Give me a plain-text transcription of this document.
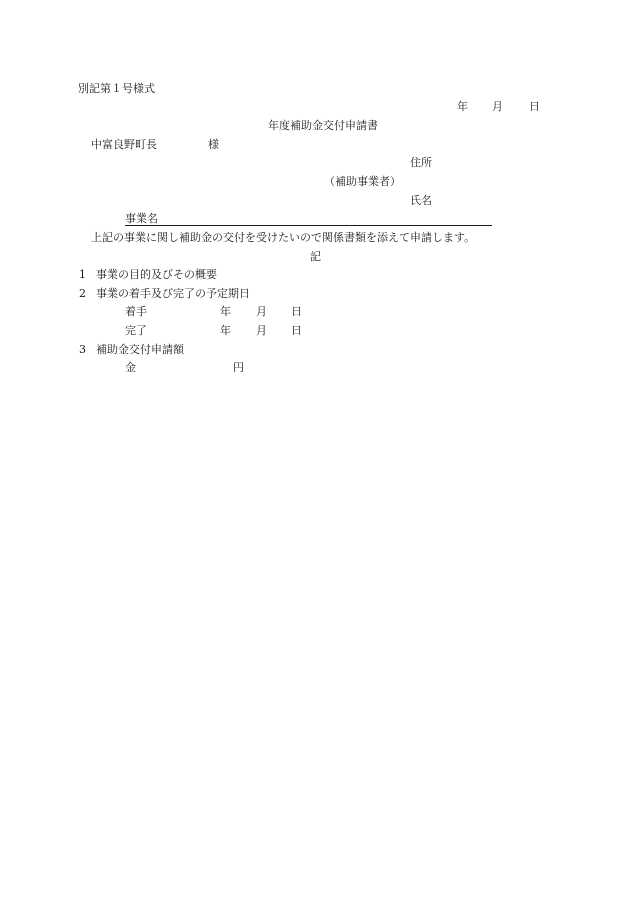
別記第１号様式
年 月 日
年度補助金交付申請書
中富良野町長	様
住所
（補助事業者）
氏名
事業名
上記の事業に関し補助金の交付を受けたいので関係書類を添えて申請します。
記
1 事業の目的及びその概要
2 事業の着手及び完了の予定期日
着手	年 月 日
完了	年 月 日
3 補助金交付申請額
金	円
